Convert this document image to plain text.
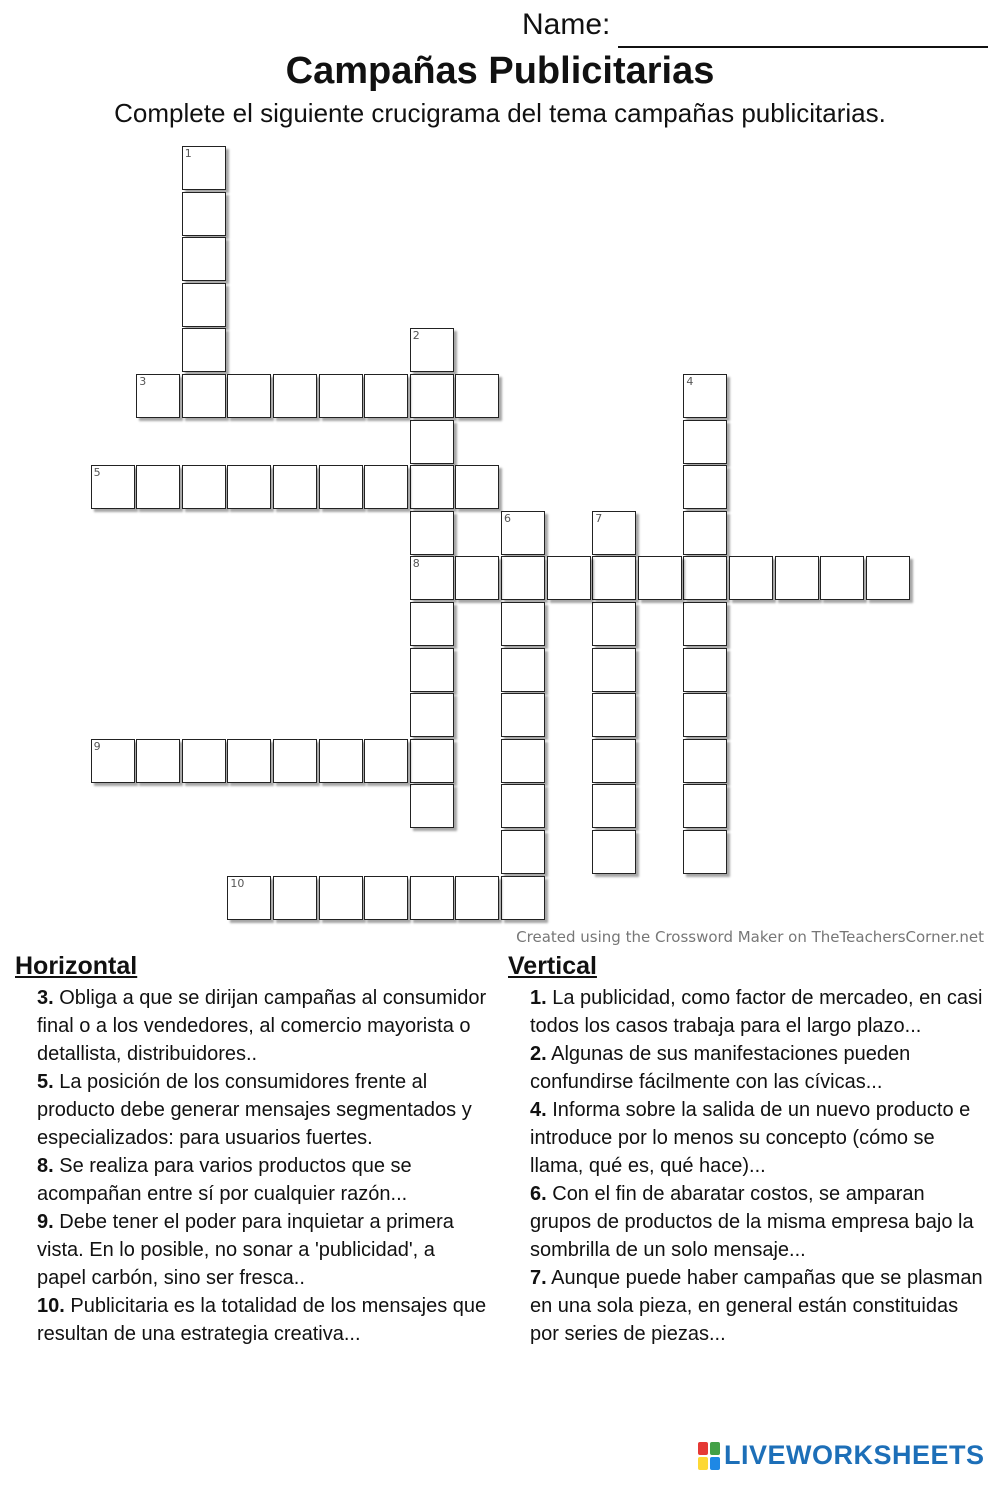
Name:
Campañas Publicitarias
Complete el siguiente crucigrama del tema campañas publicitarias.
1
2
8
3	4
5
6	7
9
10
Created using the Crossword Maker on TheTeachersCorner.net
Horizontal

3. Obliga a que se dirijan campañas al consumidor final o a los vendedores, al comercio mayorista o detallista, distribuidores..

5. La posición de los consumidores frente al producto debe generar mensajes segmentados y especializados: para usuarios fuertes.

8. Se realiza para varios productos que se acompañan entre sí por cualquier razón...

9. Debe tener el poder para inquietar a primera vista. En lo posible, no sonar a 'publicidad', a papel carbón, sino ser fresca..

10. Publicitaria es la totalidad de los mensajes que resultan de una estrategia creativa...

Vertical

1. La publicidad, como factor de mercadeo, en casi todos los casos trabaja para el largo plazo...

2. Algunas de sus manifestaciones pueden confundirse fácilmente con las cívicas...

4. Informa sobre la salida de un nuevo producto e introduce por lo menos su concepto (cómo se llama, qué es, qué hace)...

6. Con el fin de abaratar costos, se amparan grupos de productos de la misma empresa bajo la sombrilla de un solo mensaje...

7. Aunque puede haber campañas que se plasman en una sola pieza, en general están constituidas por series de piezas...

LIVEWORKSHEETS
